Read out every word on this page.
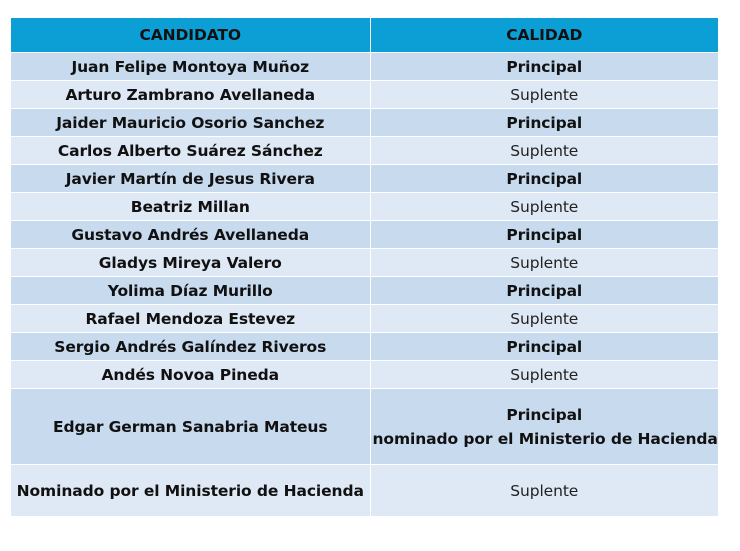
CANDIDATO	CALIDAD
Juan Felipe Montoya Muñoz	Principal
Arturo Zambrano Avellaneda	Suplente
Jaider Mauricio Osorio Sanchez	Principal
Carlos Alberto Suárez Sánchez	Suplente
Javier Martín de Jesus Rivera	Principal
Beatriz Millan	Suplente
Gustavo Andrés Avellaneda	Principal
Gladys Mireya Valero	Suplente
Yolima Díaz Murillo	Principal
Rafael Mendoza Estevez	Suplente
Sergio Andrés Galíndez Riveros	Principal
Andés Novoa Pineda	Suplente
Edgar German Sanabria Mateus	Principal
nominado por el Ministerio de Hacienda

Nominado por el Ministerio de Hacienda	Suplente
